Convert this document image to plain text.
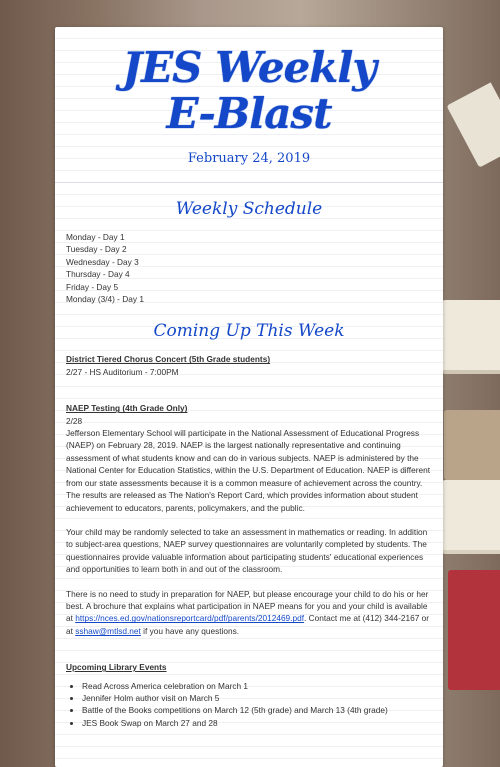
JES Weekly
E-Blast
February 24, 2019
Weekly Schedule
Monday - Day 1
Tuesday - Day 2
Wednesday - Day 3
Thursday - Day 4
Friday - Day 5
Monday (3/4) - Day 1
Coming Up This Week
District Tiered Chorus Concert (5th Grade students)
2/27 - HS Auditorium - 7:00PM
NAEP Testing (4th Grade Only)
2/28

Jefferson Elementary School will participate in the National Assessment of Educational Progress (NAEP) on February 28, 2019. NAEP is the largest nationally representative and continuing assessment of what students know and can do in various subjects. NAEP is administered by the National Center for Education Statistics, within the U.S. Department of Education. NAEP is different from our state assessments because it is a common measure of achievement across the country. The results are released as The Nation's Report Card, which provides information about student achievement to educators, parents, policymakers, and the public.

Your child may be randomly selected to take an assessment in mathematics or reading. In addition to subject-area questions, NAEP survey questionnaires are voluntarily completed by students. The questionnaires provide valuable information about participating students' educational experiences and opportunities to learn both in and out of the classroom.

There is no need to study in preparation for NAEP, but please encourage your child to do his or her best. A brochure that explains what participation in NAEP means for you and your child is available at https://nces.ed.gov/nationsreportcard/pdf/parents/2012469.pdf. Contact me at (412) 344-2167 or at sshaw@mtlsd.net if you have any questions.

Upcoming Library Events
• Read Across America celebration on March 1
• Jennifer Holm author visit on March 5
• Battle of the Books competitions on March 12 (5th grade) and March 13 (4th grade)
• JES Book Swap on March 27 and 28
